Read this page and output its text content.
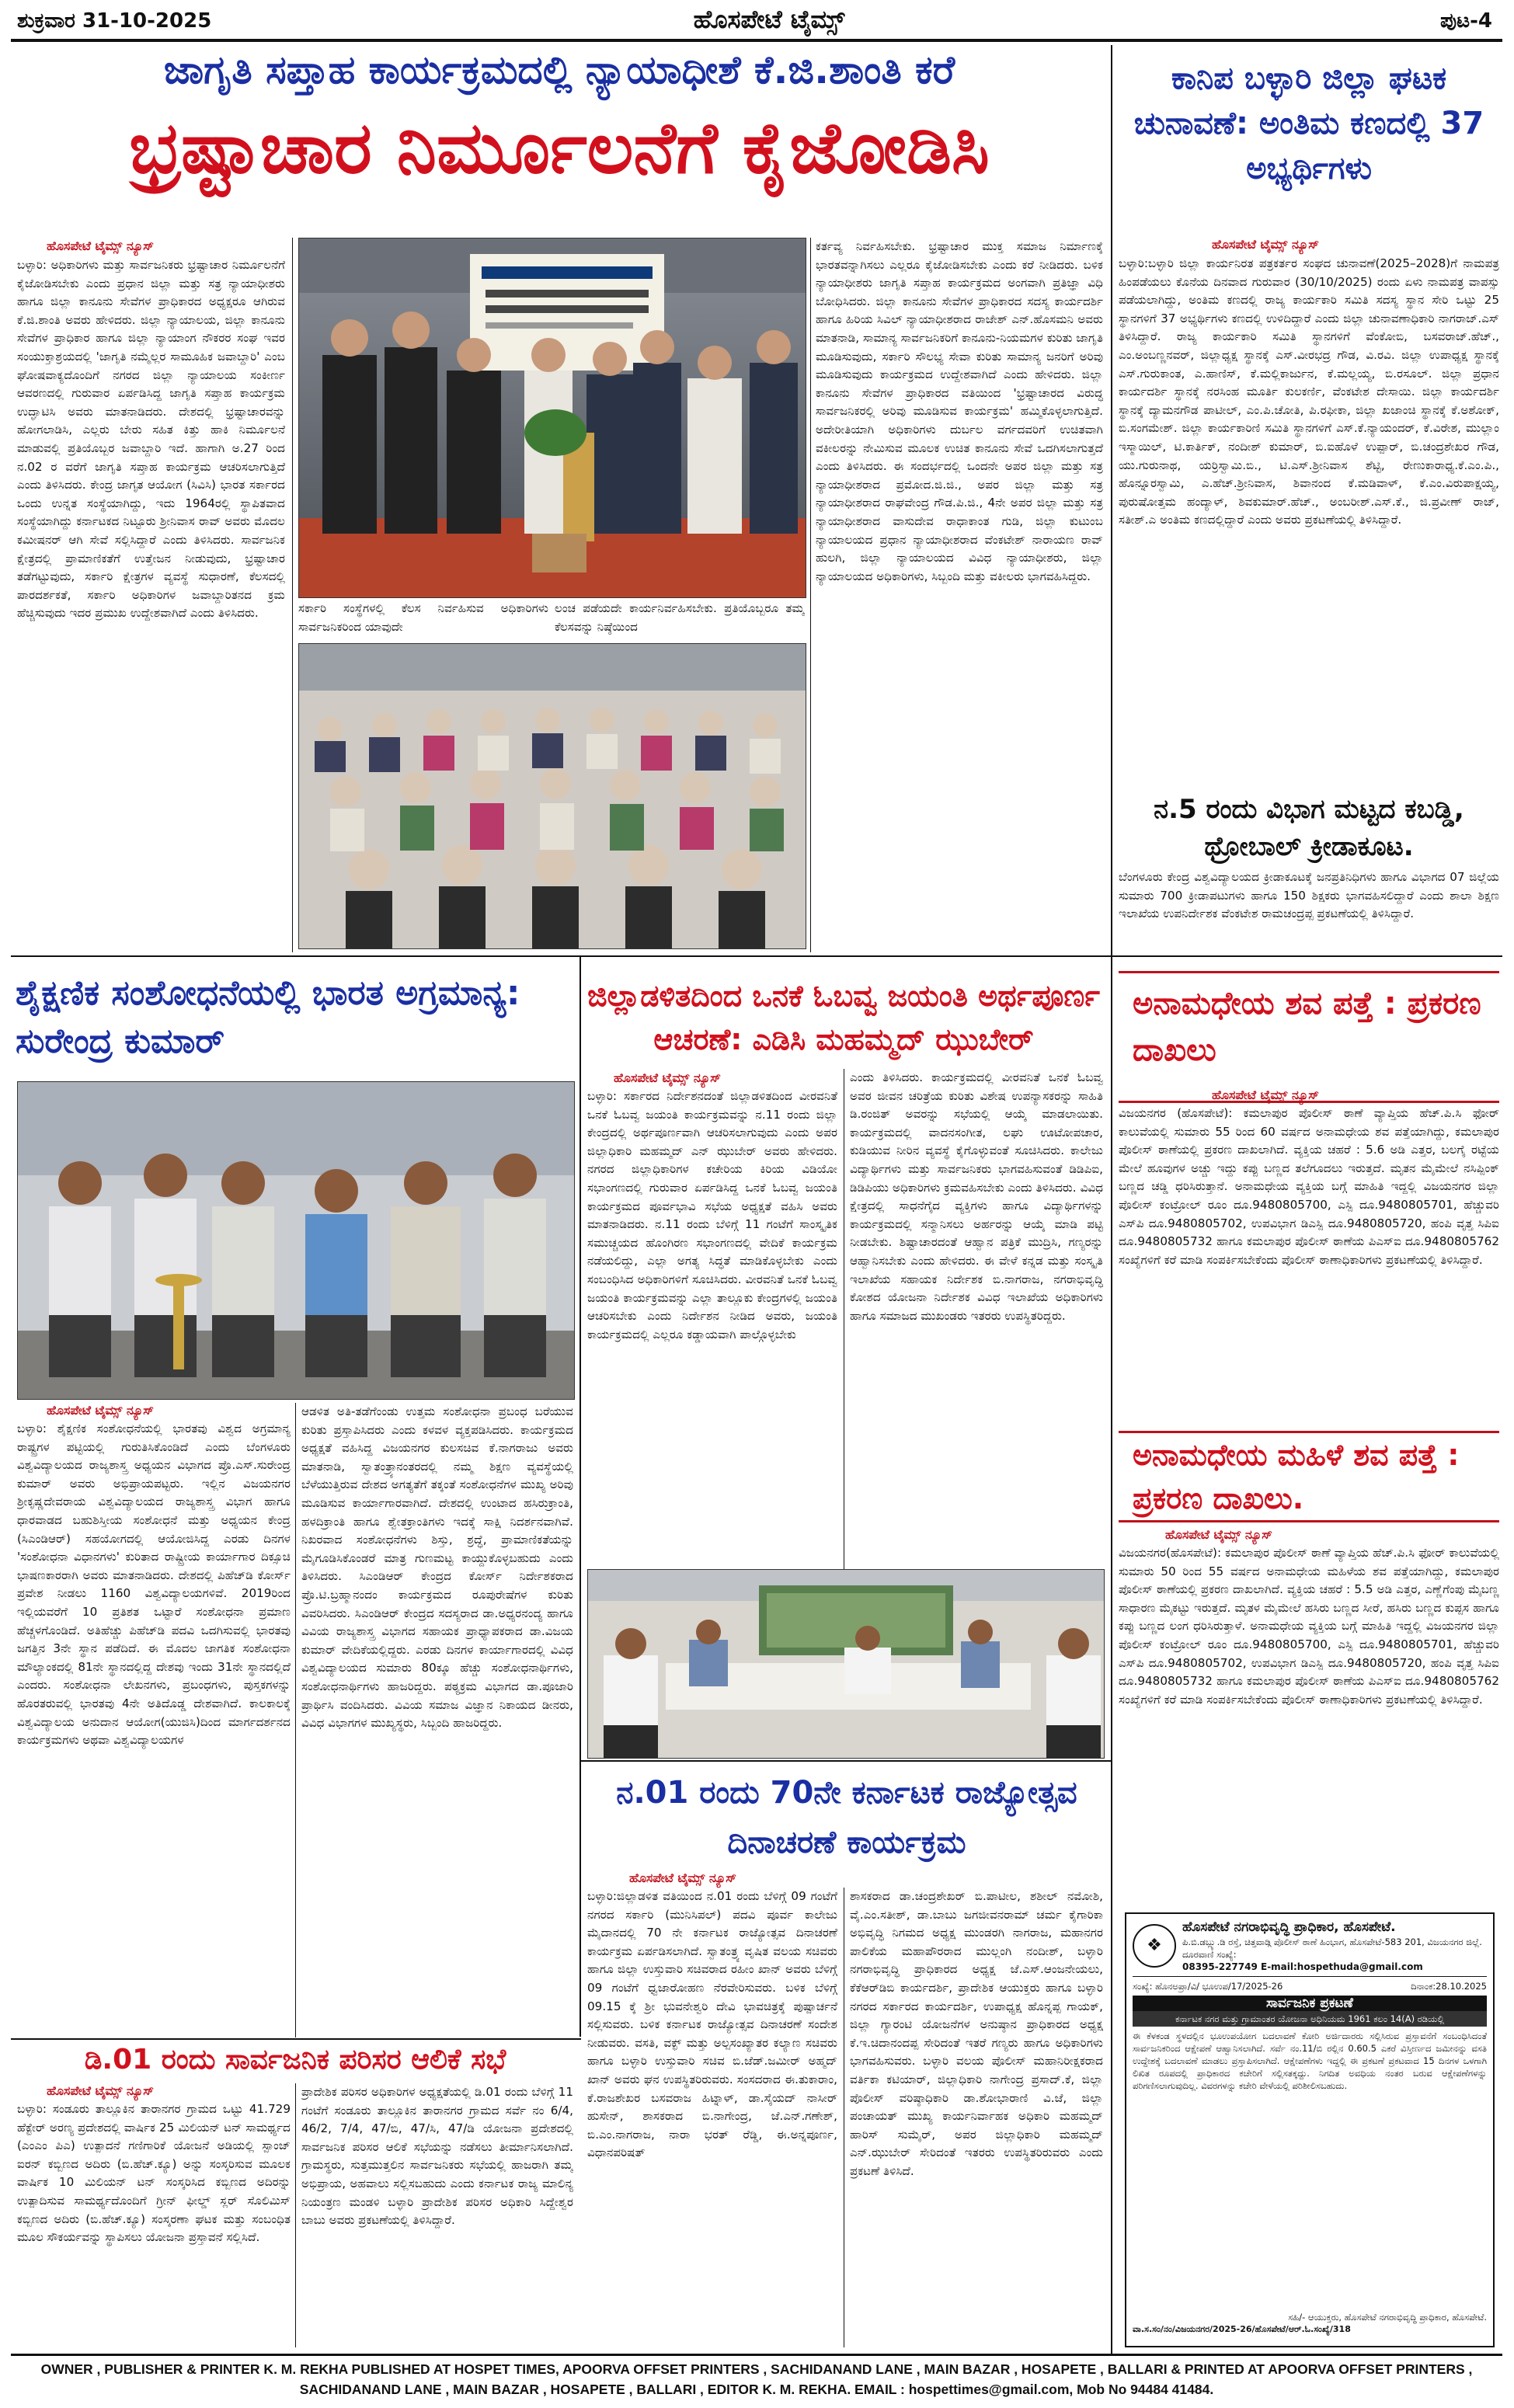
ಶುಕ್ರವಾರ 31-10-2025	ಹೊಸಪೇಟೆ ಟೈಮ್ಸ್	ಪುಟ-4
ಜಾಗೃತಿ ಸಪ್ತಾಹ ಕಾರ್ಯಕ್ರಮದಲ್ಲಿ ನ್ಯಾಯಾಧೀಶೆ ಕೆ.ಜಿ.ಶಾಂತಿ ಕರೆ
ಭ್ರಷ್ಟಾಚಾರ ನಿರ್ಮೂಲನೆಗೆ ಕೈಜೋಡಿಸಿ
ಹೊಸಪೇಟೆ ಟೈಮ್ಸ್ ನ್ಯೂಸ್

ಬಳ್ಳಾರಿ: ಅಧಿಕಾರಿಗಳು ಮತ್ತು ಸಾರ್ವಜನಿಕರು ಭ್ರಷ್ಟಾಚಾರ ನಿರ್ಮೂಲನೆಗೆ ಕೈಜೋಡಿಸಬೇಕು ಎಂದು ಪ್ರಧಾನ ಜಿಲ್ಲಾ ಮತ್ತು ಸತ್ರ ನ್ಯಾಯಾಧೀಶರು ಹಾಗೂ ಜಿಲ್ಲಾ ಕಾನೂನು ಸೇವೆಗಳ ಪ್ರಾಧಿಕಾರದ ಅಧ್ಯಕ್ಷರೂ ಆಗಿರುವ ಕೆ.ಜಿ.ಶಾಂತಿ ಅವರು ಹೇಳಿದರು. ಜಿಲ್ಲಾ ನ್ಯಾಯಾಲಯ, ಜಿಲ್ಲಾ ಕಾನೂನು ಸೇವೆಗಳ ಪ್ರಾಧಿಕಾರ ಹಾಗೂ ಜಿಲ್ಲಾ ನ್ಯಾಯಾಂಗ ನೌಕರರ ಸಂಘ ಇವರ ಸಂಯುಕ್ತಾಶ್ರಯದಲ್ಲಿ 'ಜಾಗೃತಿ ನಮ್ಮೆಲ್ಲರ ಸಾಮೂಹಿಕ ಜವಾಬ್ದಾರಿ' ಎಂಬ ಘೋಷವಾಕ್ಯದೊಂದಿಗೆ ನಗರದ ಜಿಲ್ಲಾ ನ್ಯಾಯಾಲಯ ಸಂಕೀರ್ಣ ಆವರಣದಲ್ಲಿ ಗುರುವಾರ ಏರ್ಪಡಿಸಿದ್ದ ಜಾಗೃತಿ ಸಪ್ತಾಹ ಕಾರ್ಯಕ್ರಮ ಉದ್ಘಾಟಿಸಿ ಅವರು ಮಾತನಾಡಿದರು. ದೇಶದಲ್ಲಿ ಭ್ರಷ್ಟಾಚಾರವನ್ನು ಹೋಗಲಾಡಿಸಿ, ಎಲ್ಲರು ಬೇರು ಸಹಿತ ಕಿತ್ತು ಹಾಕಿ ನಿರ್ಮೂಲನೆ ಮಾಡುವಲ್ಲಿ ಪ್ರತಿಯೊಬ್ಬರ ಜವಾಬ್ದಾರಿ ಇದೆ. ಹಾಗಾಗಿ ಅ.27 ರಿಂದ ನ.02 ರ ವರೆಗೆ ಜಾಗೃತಿ ಸಪ್ತಾಹ ಕಾರ್ಯಕ್ರಮ ಆಚರಿಸಲಾಗುತ್ತಿದೆ ಎಂದು ತಿಳಿಸಿದರು. ಕೇಂದ್ರ ಜಾಗೃತ ಆಯೋಗ (ಸಿವಿಸಿ) ಭಾರತ ಸರ್ಕಾರದ ಒಂದು ಉನ್ನತ ಸಂಸ್ಥೆಯಾಗಿದ್ದು, ಇದು 1964ರಲ್ಲಿ ಸ್ಥಾಪಿತವಾದ ಸಂಸ್ಥೆಯಾಗಿದ್ದು ಕರ್ನಾಟಕದ ನಿಟ್ಟೂರು ಶ್ರೀನಿವಾಸ ರಾವ್ ಅವರು ಮೊದಲ ಕಮೀಷನರ್ ಆಗಿ ಸೇವೆ ಸಲ್ಲಿಸಿದ್ದಾರೆ ಎಂದು ತಿಳಿಸಿದರು. ಸಾರ್ವಜನಿಕ ಕ್ಷೇತ್ರದಲ್ಲಿ ಪ್ರಾಮಾಣಿಕತೆಗೆ ಉತ್ತೇಜನ ನೀಡುವುದು, ಭ್ರಷ್ಟಾಚಾರ ತಡೆಗಟ್ಟುವುದು, ಸರ್ಕಾರಿ ಕ್ಷೇತ್ರಗಳ ವ್ಯವಸ್ಥೆ ಸುಧಾರಣೆ, ಕೆಲಸದಲ್ಲಿ ಪಾರದರ್ಶಕತೆ, ಸರ್ಕಾರಿ ಅಧಿಕಾರಿಗಳ ಜವಾಬ್ದಾರಿತನದ ಕ್ರಮ ಹೆಚ್ಚಿಸುವುದು ಇದರ ಪ್ರಮುಖ ಉದ್ದೇಶವಾಗಿದೆ ಎಂದು ತಿಳಿಸಿದರು.	ಸರ್ಕಾರಿ ಸಂಸ್ಥೆಗಳಲ್ಲಿ ಕೆಲಸ ನಿರ್ವಹಿಸುವ ಅಧಿಕಾರಿಗಳು ಸಾರ್ವಜನಿಕರಿಂದ ಯಾವುದೇ

ಲಂಚ ಪಡೆಯದೇ ಕಾರ್ಯನಿರ್ವಹಿಸಬೇಕು. ಪ್ರತಿಯೊಬ್ಬರೂ ತಮ್ಮ ಕೆಲಸವನ್ನು ನಿಷ್ಠೆಯಿಂದ

ಕರ್ತವ್ಯ ನಿರ್ವಹಿಸಬೇಕು. ಭ್ರಷ್ಟಾಚಾರ ಮುಕ್ತ ಸಮಾಜ ನಿರ್ಮಾಣಕ್ಕೆ ಭಾರತವನ್ನಾಗಿಸಲು ಎಲ್ಲರೂ ಕೈಜೋಡಿಸಬೇಕು ಎಂದು ಕರೆ ನೀಡಿದರು. ಬಳಿಕ ನ್ಯಾಯಾಧೀಶರು ಜಾಗೃತಿ ಸಪ್ತಾಹ ಕಾರ್ಯಕ್ರಮದ ಅಂಗವಾಗಿ ಪ್ರತಿಜ್ಞಾ ವಿಧಿ ಬೋಧಿಸಿದರು. ಜಿಲ್ಲಾ ಕಾನೂನು ಸೇವೆಗಳ ಪ್ರಾಧಿಕಾರದ ಸದಸ್ಯ ಕಾರ್ಯದರ್ಶಿ ಹಾಗೂ ಹಿರಿಯ ಸಿವಿಲ್ ನ್ಯಾಯಾಧೀಶರಾದ ರಾಜೇಶ್ ಎನ್.ಹೊಸಮನಿ ಅವರು ಮಾತನಾಡಿ, ಸಾಮಾನ್ಯ ಸಾರ್ವಜನಿಕರಿಗೆ ಕಾನೂನು-ನಿಯಮಗಳ ಕುರಿತು ಜಾಗೃತಿ ಮೂಡಿಸುವುದು, ಸರ್ಕಾರಿ ಸೌಲಭ್ಯ ಸೇವಾ ಕುರಿತು ಸಾಮಾನ್ಯ ಜನರಿಗೆ ಅರಿವು ಮೂಡಿಸುವುದು ಕಾರ್ಯಕ್ರಮದ ಉದ್ದೇಶವಾಗಿದೆ ಎಂದು ಹೇಳಿದರು. ಜಿಲ್ಲಾ ಕಾನೂನು ಸೇವೆಗಳ ಪ್ರಾಧಿಕಾರದ ವತಿಯಿಂದ 'ಭ್ರಷ್ಟಾಚಾರದ ವಿರುದ್ಧ ಸಾರ್ವಜನಿಕರಲ್ಲಿ ಅರಿವು ಮೂಡಿಸುವ ಕಾರ್ಯಕ್ರಮ' ಹಮ್ಮಿಕೊಳ್ಳಲಾಗುತ್ತಿದೆ. ಅದೇರೀತಿಯಾಗಿ ಅಧಿಕಾರಿಗಳು ದುರ್ಬಲ ವರ್ಗದವರಿಗೆ ಉಚಿತವಾಗಿ ವಕೀಲರನ್ನು ನೇಮಿಸುವ ಮೂಲಕ ಉಚಿತ ಕಾನೂನು ಸೇವೆ ಒದಗಿಸಲಾಗುತ್ತದೆ ಎಂದು ತಿಳಿಸಿದರು. ಈ ಸಂದರ್ಭದಲ್ಲಿ ಒಂದನೇ ಅಪರ ಜಿಲ್ಲಾ ಮತ್ತು ಸತ್ರ ನ್ಯಾಯಾಧೀಶರಾದ ಪ್ರಮೋದ.ಜಿ.ಜಿ., ಅಪರ ಜಿಲ್ಲಾ ಮತ್ತು ಸತ್ರ ನ್ಯಾಯಾಧೀಶರಾದ ರಾಘವೇಂದ್ರ ಗೌಡ.ಪಿ.ಜಿ., 4ನೇ ಅಪರ ಜಿಲ್ಲಾ ಮತ್ತು ಸತ್ರ ನ್ಯಾಯಾಧೀಶರಾದ ವಾಸುದೇವ ರಾಧಾಕಾಂತ ಗುಡಿ, ಜಿಲ್ಲಾ ಕುಟುಂಬ ನ್ಯಾಯಾಲಯದ ಪ್ರಧಾನ ನ್ಯಾಯಾಧೀಶರಾದ ವೆಂಕಟೇಶ್ ನಾರಾಯಣ ರಾವ್ ಹುಲಗಿ, ಜಿಲ್ಲಾ ನ್ಯಾಯಾಲಯದ ವಿವಿಧ ನ್ಯಾಯಾಧೀಶರು, ಜಿಲ್ಲಾ ನ್ಯಾಯಾಲಯದ ಅಧಿಕಾರಿಗಳು, ಸಿಬ್ಬಂದಿ ಮತ್ತು ವಕೀಲರು ಭಾಗವಹಿಸಿದ್ದರು.

ಕಾನಿಪ ಬಳ್ಳಾರಿ ಜಿಲ್ಲಾ ಘಟಕ ಚುನಾವಣೆ: ಅಂತಿಮ ಕಣದಲ್ಲಿ 37 ಅಭ್ಯರ್ಥಿಗಳು
ಹೊಸಪೇಟೆ ಟೈಮ್ಸ್ ನ್ಯೂಸ್

ಬಳ್ಳಾರಿ:ಬಳ್ಳಾರಿ ಜಿಲ್ಲಾ ಕಾರ್ಯನಿರತ ಪತ್ರಕರ್ತರ ಸಂಘದ ಚುನಾವಣೆ(2025–2028)ಗೆ ನಾಮಪತ್ರ ಹಿಂಪಡೆಯಲು ಕೊನೆಯ ದಿನವಾದ ಗುರುವಾರ (30/10/2025) ರಂದು ಏಳು ನಾಮಪತ್ರ ವಾಪಸ್ಸು ಪಡೆಯಲಾಗಿದ್ದು, ಅಂತಿಮ ಕಣದಲ್ಲಿ ರಾಜ್ಯ ಕಾರ್ಯಕಾರಿ ಸಮಿತಿ ಸದಸ್ಯ ಸ್ಥಾನ ಸೇರಿ ಒಟ್ಟು 25 ಸ್ಥಾನಗಳಿಗೆ 37 ಅಭ್ಯರ್ಥಿಗಳು ಕಣದಲ್ಲಿ ಉಳಿದಿದ್ದಾರೆ ಎಂದು ಜಿಲ್ಲಾ ಚುನಾವಣಾಧಿಕಾರಿ ನಾಗರಾಜ್.ಎಸ್ ತಿಳಿಸಿದ್ದಾರೆ. ರಾಜ್ಯ ಕಾರ್ಯಕಾರಿ ಸಮಿತಿ ಸ್ಥಾನಗಳಿಗೆ ವೆಂಕೋಬಿ, ಬಸವರಾಜ್.ಹೆಚ್., ಎಂ.ಅಂಬಣ್ಣನವರ್, ಜಿಲ್ಲಾಧ್ಯಕ್ಷ ಸ್ಥಾನಕ್ಕೆ ಎಸ್.ವೀರಭದ್ರ ಗೌಡ, ವಿ.ರವಿ. ಜಿಲ್ಲಾ ಉಪಾಧ್ಯಕ್ಷ ಸ್ಥಾನಕ್ಕೆ ಎಸ್.ಗುರುಕಾಂತ, ಎ.ಹಾಣಿಸ್, ಕೆ.ಮಲ್ಲಿಕಾರ್ಜುನ, ಕೆ.ಮಲ್ಲಯ್ಯ, ಬಿ.ರಸೂಲ್. ಜಿಲ್ಲಾ ಪ್ರಧಾನ ಕಾರ್ಯದರ್ಶಿ ಸ್ಥಾನಕ್ಕೆ ನರಸಿಂಹ ಮೂರ್ತಿ ಕುಲಕರ್ಣಿ, ವೆಂಕಟೇಶ ದೇಸಾಯಿ. ಜಿಲ್ಲಾ ಕಾರ್ಯದರ್ಶಿ ಸ್ಥಾನಕ್ಕೆ ದ್ಯಾಮನಗೌಡ ಪಾಟೀಲ್, ಎಂ.ಪಿ.ಚೋತಿ, ಪಿ.ರಫೀಕಾ, ಜಿಲ್ಲಾ ಖಜಾಂಚಿ ಸ್ಥಾನಕ್ಕೆ ಕೆ.ಅಶೋಕ್, ಬಿ.ಸಂಗಮೇಶ್. ಜಿಲ್ಲಾ ಕಾರ್ಯಕಾರಿಣಿ ಸಮಿತಿ ಸ್ಥಾನಗಳಿಗೆ ಎಸ್.ಕೆ.ನ್ಯಾಯಂದರ್, ಕೆ.ವಿರೇಶ, ಮುಲ್ಲಾಂ ಇಸ್ಮಾಯಿಲ್, ಟಿ.ಕಾರ್ತಿಕ್, ನಂದೀಶ್ ಕುಮಾರ್, ಬಿ.ಐಹೊಳೆ ಉಪ್ಪಾರ್, ಬಿ.ಚಂದ್ರಶೇಖರ ಗೌಡ, ಯು.ಗುರುನಾಥ, ಯರ್ರಿಸ್ವಾಮಿ.ಬಿ., ಟಿ.ಎಸ್.ಶ್ರೀನಿವಾಸ ಶೆಟ್ಟಿ, ರೇಣುಕಾರಾಧ್ಯ.ಕೆ.ಎಂ.ಪಿ., ಹೊನ್ನೂರಸ್ವಾಮಿ, ಎ.ಹೆಚ್.ಶ್ರೀನಿವಾಸ, ಶಿವಾನಂದ ಕೆ.ಮಡಿವಾಳ್, ಕೆ.ಎಂ.ವಿರುಪಾಕ್ಷಯ್ಯ, ಪುರುಷೋತ್ತಮ ಹಂದ್ಯಾಳ್, ಶಿವಕುಮಾರ್.ಹೆಚ್., ಅಂಬರೀಶ್.ಎಸ್.ಕೆ., ಜಿ.ಪ್ರವೀಣ್ ರಾಜ್, ಸತೀಶ್.ಎ ಅಂತಿಮ ಕಣದಲ್ಲಿದ್ದಾರೆ ಎಂದು ಅವರು ಪ್ರಕಟಣೆಯಲ್ಲಿ ತಿಳಿಸಿದ್ದಾರೆ.

ನ.5 ರಂದು ವಿಭಾಗ ಮಟ್ಟದ ಕಬಡ್ಡಿ, ಥ್ರೋಬಾಲ್ ಕ್ರೀಡಾಕೂಟ.

ಬೆಂಗಳೂರು ಕೇಂದ್ರ ವಿಶ್ವವಿದ್ಯಾಲಯದ ಕ್ರೀಡಾಕೂಟಕ್ಕೆ ಜನಪ್ರತಿನಿಧಿಗಳು ಹಾಗೂ ವಿಭಾಗದ 07 ಜಿಲ್ಲೆಯ ಸುಮಾರು 700 ಕ್ರೀಡಾಪಟುಗಳು ಹಾಗೂ 150 ಶಿಕ್ಷಕರು ಭಾಗವಹಿಸಲಿದ್ದಾರೆ ಎಂದು ಶಾಲಾ ಶಿಕ್ಷಣ ಇಲಾಖೆಯ ಉಪನಿರ್ದೇಶಕ ವೆಂಕಟೇಶ ರಾಮಚಂದ್ರಪ್ಪ ಪ್ರಕಟಣೆಯಲ್ಲಿ ತಿಳಿಸಿದ್ದಾರೆ.

ಶೈಕ್ಷಣಿಕ ಸಂಶೋಧನೆಯಲ್ಲಿ ಭಾರತ ಅಗ್ರಮಾನ್ಯ: ಸುರೇಂದ್ರ ಕುಮಾರ್
ಹೊಸಪೇಟೆ ಟೈಮ್ಸ್ ನ್ಯೂಸ್

ಬಳ್ಳಾರಿ: ಶೈಕ್ಷಣಿಕ ಸಂಶೋಧನೆಯಲ್ಲಿ ಭಾರತವು ವಿಶ್ವದ ಅಗ್ರಮಾನ್ಯ ರಾಷ್ಟ್ರಗಳ ಪಟ್ಟಿಯಲ್ಲಿ ಗುರುತಿಸಿಕೊಂಡಿದೆ ಎಂದು ಬೆಂಗಳೂರು ವಿಶ್ವವಿದ್ಯಾಲಯದ ರಾಜ್ಯಶಾಸ್ತ್ರ ಅಧ್ಯಯನ ವಿಭಾಗದ ಪ್ರೊ.ಎಸ್.ಸುರೇಂದ್ರ ಕುಮಾರ್ ಅವರು ಅಭಿಪ್ರಾಯಪಟ್ಟರು. ಇಲ್ಲಿನ ವಿಜಯನಗರ ಶ್ರೀಕೃಷ್ಣದೇವರಾಯ ವಿಶ್ವವಿದ್ಯಾಲಯದ ರಾಜ್ಯಶಾಸ್ತ್ರ ವಿಭಾಗ ಹಾಗೂ ಧಾರವಾಡದ ಬಹುಶಿಸ್ತೀಯ ಸಂಶೋಧನೆ ಮತ್ತು ಅಧ್ಯಯನ ಕೇಂದ್ರ (ಸಿಎಂಡಿಆರ್) ಸಹಯೋಗದಲ್ಲಿ ಆಯೋಜಿಸಿದ್ದ ಎರಡು ದಿನಗಳ 'ಸಂಶೋಧನಾ ವಿಧಾನಗಳು' ಕುರಿತಾದ ರಾಷ್ಟ್ರೀಯ ಕಾರ್ಯಾಗಾರ ದಿಕ್ಸೂಚಿ ಭಾಷಣಕಾರರಾಗಿ ಅವರು ಮಾತನಾಡಿದರು. ದೇಶದಲ್ಲಿ ಪಿಹೆಚ್‌ಡಿ ಕೋರ್ಸ್ ಪ್ರವೇಶ ನೀಡಲು 1160 ವಿಶ್ವವಿದ್ಯಾಲಯಗಳಿವೆ. 2019ರಿಂದ ಇಲ್ಲಿಯವರೆಗೆ 10 ಪ್ರತಿಶತ ಒಟ್ಟಾರೆ ಸಂಶೋಧನಾ ಪ್ರಮಾಣ ಹೆಚ್ಚಳಗೊಂಡಿದೆ. ಅತಿಹೆಚ್ಚು ಪಿಹೆಚ್‌ಡಿ ಪದವಿ ಒದಗಿಸುವಲ್ಲಿ ಭಾರತವು ಜಗತ್ತಿನ 3ನೇ ಸ್ಥಾನ ಪಡೆದಿದೆ. ಈ ಮೊದಲ ಜಾಗತಿಕ ಸಂಶೋಧನಾ ಮೌಲ್ಯಾಂಕದಲ್ಲಿ 81ನೇ ಸ್ಥಾನದಲ್ಲಿದ್ದ ದೇಶವು ಇಂದು 31ನೇ ಸ್ಥಾನದಲ್ಲಿದೆ ಎಂದರು. ಸಂಶೋಧನಾ ಲೇಖನಗಳು, ಪ್ರಬಂಧಗಳು, ಪುಸ್ತಕಗಳನ್ನು ಹೊರತರುವಲ್ಲಿ ಭಾರತವು 4ನೇ ಅತಿದೊಡ್ಡ ದೇಶವಾಗಿದೆ. ಕಾಲಕಾಲಕ್ಕೆ ವಿಶ್ವವಿದ್ಯಾಲಯ ಅನುದಾನ ಆಯೋಗ(ಯುಜಿಸಿ)ದಿಂದ ಮಾರ್ಗದರ್ಶನದ ಕಾರ್ಯಕ್ರಮಗಳು ಅಥವಾ ವಿಶ್ವವಿದ್ಯಾಲಯಗಳ

ಆಡಳಿತ ಅತಿ-ತಡೆಗೆಂಂಡು ಉತ್ತಮ ಸಂಶೋಧನಾ ಪ್ರಬಂಧ ಬರೆಯುವ ಕುರಿತು ಪ್ರಸ್ತಾಪಿಸಿದರು ಎಂದು ಕಳವಳ ವ್ಯಕ್ತಪಡಿಸಿದರು. ಕಾರ್ಯಕ್ರಮದ ಅಧ್ಯಕ್ಷತೆ ವಹಿಸಿದ್ದ ವಿಜಯನಗರ ಕುಲಸಚಿವ ಕೆ.ನಾಗರಾಜು ಅವರು ಮಾತನಾಡಿ, ಸ್ವಾತಂತ್ರ್ಯಾನಂತರದಲ್ಲಿ ನಮ್ಮ ಶಿಕ್ಷಣ ವ್ಯವಸ್ಥೆಯಲ್ಲಿ ಬೆಳೆಯುತ್ತಿರುವ ದೇಶದ ಅಗತ್ಯತೆಗೆ ತಕ್ಕಂತೆ ಸಂಶೋಧನೆಗಳ ಮುಖ್ಯ ಅರಿವು ಮೂಡಿಸುವ ಕಾರ್ಯಾಗಾರವಾಗಿದೆ. ದೇಶದಲ್ಲಿ ಉಂಟಾದ ಹಸಿರುಕ್ರಾಂತಿ, ಹಳದಿಕ್ರಾಂತಿ ಹಾಗೂ ಶ್ವೇತಕ್ರಾಂತಿಗಳು ಇದಕ್ಕೆ ಸಾಕ್ಷಿ ನಿದರ್ಶನವಾಗಿವೆ. ನಿಖರವಾದ ಸಂಶೋಧನೆಗಳು ಶಿಸ್ತು, ಶ್ರದ್ಧೆ, ಪ್ರಾಮಾಣಿಕತೆಯನ್ನು ಮೈಗೂಡಿಸಿಕೊಂಡರೆ ಮಾತ್ರ ಗುಣಮಟ್ಟ ಕಾಯ್ದುಕೊಳ್ಳಬಹುದು ಎಂದು ತಿಳಿಸಿದರು. ಸಿಎಂಡಿಆರ್ ಕೇಂದ್ರದ ಕೋರ್ಸ್ ನಿರ್ದೇಶಕರಾದ ಪ್ರೊ.ಟಿ.ಬ್ರಹ್ಮಾನಂದಂ ಕಾರ್ಯಕ್ರಮದ ರೂಪುರೇಷೆಗಳ ಕುರಿತು ವಿವರಿಸಿದರು. ಸಿಎಂಡಿಆರ್ ಕೇಂದ್ರದ ಸದಸ್ಯರಾದ ಡಾ.ಅಧ್ಯರನಂದ್ಯ ಹಾಗೂ ವಿವಿಯ ರಾಜ್ಯಶಾಸ್ತ್ರ ವಿಭಾಗದ ಸಹಾಯಕ ಪ್ರಾಧ್ಯಾಪಕರಾದ ಡಾ.ವಿಜಯ ಕುಮಾರ್ ವೇದಿಕೆಯಲ್ಲಿದ್ದರು. ಎರಡು ದಿನಗಳ ಕಾರ್ಯಾಗಾರದಲ್ಲಿ ವಿವಿಧ ವಿಶ್ವವಿದ್ಯಾಲಯದ ಸುಮಾರು 80ಕ್ಕೂ ಹೆಚ್ಚು ಸಂಶೋಧನಾರ್ಥಿಗಳು, ಸಂಶೋಧನಾರ್ಥಿಗಳು ಹಾಜರಿದ್ದರು. ಪಠ್ಯಕ್ರಮ ವಿಭಾಗದ ಡಾ.ಪೂಜಾರಿ ಪ್ರಾರ್ಥಿಸಿ ವಂದಿಸಿದರು. ವಿವಿಯ ಸಮಾಜ ವಿಜ್ಞಾನ ನಿಕಾಯದ ಡೀನರು, ವಿವಿಧ ವಿಭಾಗಗಳ ಮುಖ್ಯಸ್ಥರು, ಸಿಬ್ಬಂದಿ ಹಾಜರಿದ್ದರು.

ಜಿಲ್ಲಾಡಳಿತದಿಂದ ಒನಕೆ ಓಬವ್ವ ಜಯಂತಿ ಅರ್ಥಪೂರ್ಣ ಆಚರಣೆ: ಎಡಿಸಿ ಮಹಮ್ಮದ್ ಝುಬೇರ್
ಹೊಸಪೇಟೆ ಟೈಮ್ಸ್ ನ್ಯೂಸ್

ಬಳ್ಳಾರಿ: ಸರ್ಕಾರದ ನಿರ್ದೇಶನದಂತೆ ಜಿಲ್ಲಾಡಳಿತದಿಂದ ವೀರವನಿತೆ ಒನಕೆ ಓಬವ್ವ ಜಯಂತಿ ಕಾರ್ಯಕ್ರಮವನ್ನು ನ.11 ರಂದು ಜಿಲ್ಲಾ ಕೇಂದ್ರದಲ್ಲಿ ಅರ್ಥಪೂರ್ಣವಾಗಿ ಆಚರಿಸಲಾಗುವುದು ಎಂದು ಅಪರ ಜಿಲ್ಲಾಧಿಕಾರಿ ಮಹಮ್ಮದ್ ಎನ್ ಝುಬೇರ್ ಅವರು ಹೇಳಿದರು. ನಗರದ ಜಿಲ್ಲಾಧಿಕಾರಿಗಳ ಕಚೇರಿಯ ಕಿರಿಯ ವಿಡಿಯೋ ಸಭಾಂಗಣದಲ್ಲಿ ಗುರುವಾರ ಏರ್ಪಡಿಸಿದ್ದ ಒನಕೆ ಓಬವ್ವ ಜಯಂತಿ ಕಾರ್ಯಕ್ರಮದ ಪೂರ್ವಭಾವಿ ಸಭೆಯ ಅಧ್ಯಕ್ಷತೆ ವಹಿಸಿ ಅವರು ಮಾತನಾಡಿದರು. ನ.11 ರಂದು ಬೆಳಿಗ್ಗೆ 11 ಗಂಟೆಗೆ ಸಾಂಸ್ಕೃತಿಕ ಸಮುಚ್ಚಯದ ಹೊಂಗಿರಣ ಸಭಾಂಗಣದಲ್ಲಿ ವೇದಿಕೆ ಕಾರ್ಯಕ್ರಮ ನಡೆಯಲಿದ್ದು, ಎಲ್ಲಾ ಅಗತ್ಯ ಸಿದ್ಧತೆ ಮಾಡಿಕೊಳ್ಳಬೇಕು ಎಂದು ಸಂಬಂಧಿಸಿದ ಅಧಿಕಾರಿಗಳಿಗೆ ಸೂಚಿಸಿದರು. ವೀರವನಿತೆ ಒನಕೆ ಓಬವ್ವ ಜಯಂತಿ ಕಾರ್ಯಕ್ರಮವನ್ನು ಎಲ್ಲಾ ತಾಲ್ಲೂಕು ಕೇಂದ್ರಗಳಲ್ಲಿ ಜಯಂತಿ ಆಚರಿಸಬೇಕು ಎಂದು ನಿರ್ದೇಶನ ನೀಡಿದ ಅವರು, ಜಯಂತಿ ಕಾರ್ಯಕ್ರಮದಲ್ಲಿ ಎಲ್ಲರೂ ಕಡ್ಡಾಯವಾಗಿ ಪಾಲ್ಗೊಳ್ಳಬೇಕು

ಎಂದು ತಿಳಿಸಿದರು. ಕಾರ್ಯಕ್ರಮದಲ್ಲಿ ವೀರವನಿತೆ ಒನಕೆ ಓಬವ್ವ ಅವರ ಜೀವನ ಚರಿತ್ರೆಯ ಕುರಿತು ವಿಶೇಷ ಉಪನ್ಯಾಸಕರನ್ನು ಸಾಹಿತಿ ಡಿ.ರಂಜಿತ್ ಅವರನ್ನು ಸಭೆಯಲ್ಲಿ ಆಯ್ಕೆ ಮಾಡಲಾಯಿತು. ಕಾರ್ಯಕ್ರಮದಲ್ಲಿ ವಾದನಸಂಗೀತ, ಲಘು ಊಟೋಪಚಾರ, ಕುಡಿಯುವ ನೀರಿನ ವ್ಯವಸ್ಥೆ ಕೈಗೊಳ್ಳುವಂತೆ ಸೂಚಿಸಿದರು. ಕಾಲೇಜು ವಿದ್ಯಾರ್ಥಿಗಳು ಮತ್ತು ಸಾರ್ವಜನಿಕರು ಭಾಗವಹಿಸುವಂತೆ ಡಿಡಿಪಿಐ, ಡಿಡಿಪಿಯು ಅಧಿಕಾರಿಗಳು ಕ್ರಮವಹಿಸಬೇಕು ಎಂದು ತಿಳಿಸಿದರು. ವಿವಿಧ ಕ್ಷೇತ್ರದಲ್ಲಿ ಸಾಧನೆಗೈದ ವ್ಯಕ್ತಿಗಳು ಹಾಗೂ ವಿದ್ಯಾರ್ಥಿಗಳನ್ನು ಕಾರ್ಯಕ್ರಮದಲ್ಲಿ ಸನ್ಮಾನಿಸಲು ಅರ್ಹರನ್ನು ಆಯ್ಕೆ ಮಾಡಿ ಪಟ್ಟಿ ನೀಡಬೇಕು. ಶಿಷ್ಟಾಚಾರದಂತೆ ಆಹ್ವಾನ ಪತ್ರಿಕೆ ಮುದ್ರಿಸಿ, ಗಣ್ಯರನ್ನು ಆಹ್ವಾನಿಸಬೇಕು ಎಂದು ಹೇಳಿದರು. ಈ ವೇಳೆ ಕನ್ನಡ ಮತ್ತು ಸಂಸ್ಕೃತಿ ಇಲಾಖೆಯ ಸಹಾಯಕ ನಿರ್ದೇಶಕ ಬಿ.ನಾಗರಾಜ, ನಗರಾಭಿವೃದ್ಧಿ ಕೋಶದ ಯೋಜನಾ ನಿರ್ದೇಶಕ ವಿವಿಧ ಇಲಾಖೆಯ ಅಧಿಕಾರಿಗಳು ಹಾಗೂ ಸಮಾಜದ ಮುಖಂಡರು ಇತರರು ಉಪಸ್ಥಿತರಿದ್ದರು.

ನ.01 ರಂದು 70ನೇ ಕರ್ನಾಟಕ ರಾಜ್ಯೋತ್ಸವ ದಿನಾಚರಣೆ ಕಾರ್ಯಕ್ರಮ
ಹೊಸಪೇಟೆ ಟೈಮ್ಸ್ ನ್ಯೂಸ್

ಬಳ್ಳಾರಿ:ಜಿಲ್ಲಾಡಳಿತ ವತಿಯಿಂದ ನ.01 ರಂದು ಬೆಳಿಗ್ಗೆ 09 ಗಂಟೆಗೆ ನಗರದ ಸರ್ಕಾರಿ (ಮುನಿಸಿಪಲ್) ಪದವಿ ಪೂರ್ವ ಕಾಲೇಜು ಮೈದಾನದಲ್ಲಿ 70 ನೇ ಕರ್ನಾಟಕ ರಾಜ್ಯೋತ್ಸವ ದಿನಾಚರಣೆ ಕಾರ್ಯಕ್ರಮ ಏರ್ಪಡಿಸಲಾಗಿದೆ. ಸ್ವಾತಂತ್ರ್ಯ ವೃಷಿತ ವಲಯ ಸಚಿವರು ಹಾಗೂ ಜಿಲ್ಲಾ ಉಸ್ತುವಾರಿ ಸಚಿವರಾದ ರಹೀಂ ಖಾನ್ ಅವರು ಬೆಳಿಗ್ಗೆ 09 ಗಂಟೆಗೆ ಧ್ವಜಾರೋಹಣ ನೆರವೇರಿಸುವರು. ಬಳಿಕ ಬೆಳಿಗ್ಗೆ 09.15 ಕ್ಕೆ ಶ್ರೀ ಭುವನೇಶ್ವರಿ ದೇವಿ ಭಾವಚಿತ್ರಕ್ಕೆ ಪುಷ್ಪಾರ್ಚನೆ ಸಲ್ಲಿಸುವರು. ಬಳಿಕ ಕರ್ನಾಟಕ ರಾಜ್ಯೋತ್ಸವ ದಿನಾಚರಣೆ ಸಂದೇಶ ನೀಡುವರು. ವಸತಿ, ವಕ್ಫ್ ಮತ್ತು ಅಲ್ಪಸಂಖ್ಯಾತರ ಕಲ್ಯಾಣ ಸಚಿವರು ಹಾಗೂ ಬಳ್ಳಾರಿ ಉಸ್ತುವಾರಿ ಸಚಿವ ಬಿ.ಜೆಡ್.ಜಮೀರ್ ಅಹ್ಮದ್ ಖಾನ್ ಅವರು ಘನ ಉಪಸ್ಥಿತರಿರುವರು. ಸಂಸದರಾದ ಈ.ತುಕಾರಾಂ, ಕೆ.ರಾಜಶೇಖರ ಬಸವರಾಜ ಹಿಟ್ನಾಳ್, ಡಾ.ಸೈಯದ್ ನಾಸೀರ್ ಹುಸೇನ್, ಶಾಸಕರಾದ ಬಿ.ನಾಗೇಂದ್ರ, ಜೆ.ಎನ್.ಗಣೇಶ್, ಬಿ.ಎಂ.ನಾಗರಾಜ, ನಾರಾ ಭರತ್ ರೆಡ್ಡಿ, ಈ.ಅನ್ನಪೂರ್ಣ, ವಿಧಾನಪರಿಷತ್

ಶಾಸಕರಾದ ಡಾ.ಚಂದ್ರಶೇಖರ್ ಬಿ.ಪಾಟೀಲ, ಶಶೀಲ್ ನಮೋಶಿ, ವೈ.ಎಂ.ಸತೀಶ್, ಡಾ.ಬಾಬು ಜಗಜೀವನರಾಮ್ ಚರ್ಮ ಕೈಗಾರಿಕಾ ಅಭಿವೃದ್ಧಿ ನಿಗಮದ ಅಧ್ಯಕ್ಷ ಮುಂಡರಗಿ ನಾಗರಾಜ, ಮಹಾನಗರ ಪಾಲಿಕೆಯ ಮಹಾಪೌರರಾದ ಮುಲ್ಲಂಗಿ ನಂದೀಶ್, ಬಳ್ಳಾರಿ ನಗರಾಭಿವೃದ್ಧಿ ಪ್ರಾಧಿಕಾರದ ಅಧ್ಯಕ್ಷ ಜೆ.ಎಸ್.ಆಂಜನೇಯಲು, ಕೆಕೆಆರ್‌ಡಿಬಿ ಕಾರ್ಯದರ್ಶಿ, ಪ್ರಾದೇಶಿಕ ಆಯುಕ್ತರು ಹಾಗೂ ಬಳ್ಳಾರಿ ನಗರದ ಸರ್ಕಾರದ ಕಾರ್ಯದರ್ಶಿ, ಉಪಾಧ್ಯಕ್ಷ ಹೊನ್ನಪ್ಪ ಗಾಯಕ್, ಜಿಲ್ಲಾ ಗ್ಯಾರಂಟಿ ಯೋಜನೆಗಳ ಅನುಷ್ಠಾನ ಪ್ರಾಧಿಕಾರದ ಅಧ್ಯಕ್ಷ ಕೆ.ಇ.ಚಿದಾನಂದಪ್ಪ ಸೇರಿದಂತೆ ಇತರೆ ಗಣ್ಯರು ಹಾಗೂ ಅಧಿಕಾರಿಗಳು ಭಾಗವಹಿಸುವರು. ಬಳ್ಳಾರಿ ವಲಯ ಪೊಲೀಸ್ ಮಹಾನಿರೀಕ್ಷಕರಾದ ವರ್ತಿಕಾ ಕಟಿಯಾರ್, ಜಿಲ್ಲಾಧಿಕಾರಿ ನಾಗೇಂದ್ರ ಪ್ರಸಾದ್.ಕೆ, ಜಿಲ್ಲಾ ಪೊಲೀಸ್ ವರಿಷ್ಠಾಧಿಕಾರಿ ಡಾ.ಶೋಭಾರಾಣಿ ವಿ.ಜೆ, ಜಿಲ್ಲಾ ಪಂಚಾಯತ್ ಮುಖ್ಯ ಕಾರ್ಯನಿರ್ವಾಹಕ ಅಧಿಕಾರಿ ಮಹಮ್ಮದ್ ಹಾರಿಸ್ ಸುಮೈರ್, ಅಪರ ಜಿಲ್ಲಾಧಿಕಾರಿ ಮಹಮ್ಮದ್ ಎನ್.ಝುಬೇರ್ ಸೇರಿದಂತೆ ಇತರರು ಉಪಸ್ಥಿತರಿರುವರು ಎಂದು ಪ್ರಕಟಣೆ ತಿಳಿಸಿದೆ.

ಡಿ.01 ರಂದು ಸಾರ್ವಜನಿಕ ಪರಿಸರ ಆಲಿಕೆ ಸಭೆ
ಹೊಸಪೇಟೆ ಟೈಮ್ಸ್ ನ್ಯೂಸ್

ಬಳ್ಳಾರಿ: ಸಂಡೂರು ತಾಲ್ಲೂಕಿನ ತಾರಾನಗರ ಗ್ರಾಮದ ಒಟ್ಟು 41.729 ಹೆಕ್ಟೇರ್ ಅರಣ್ಯ ಪ್ರದೇಶದಲ್ಲಿ ವಾರ್ಷಿಕ 25 ಮಿಲಿಯನ್ ಟನ್ ಸಾಮರ್ಥ್ಯದ (ಎಂಎಂ ಪಿಎ) ಉತ್ಪಾದನೆ ಗಣಿಗಾರಿಕೆ ಯೋಜನೆ ಅಡಿಯಲ್ಲಿ ಸ್ಪಾಂಜ್ ಐರನ್ ಕಬ್ಬಿಣದ ಅದಿರು (ಬಿ.ಹೆಚ್.ಕ್ಯೂ) ಅನ್ನು ಸಂಸ್ಕರಿಸುವ ಮೂಲಕ ವಾರ್ಷಿಕ 10 ಮಿಲಿಯನ್ ಟನ್ ಸಂಸ್ಕರಿಸಿದ ಕಬ್ಬಿಣದ ಅದಿರನ್ನು ಉತ್ಪಾದಿಸುವ ಸಾಮರ್ಥ್ಯದೊಂದಿಗೆ ಗ್ರೀನ್ ಫೀಲ್ಡ್ ಸ್ಲರ್ ಸೊಲಿಮಿಸ್ ಕಬ್ಬಿಣದ ಅದಿರು (ಬಿ.ಹೆಚ್.ಕ್ಯೂ) ಸಂಸ್ಕರಣಾ ಘಟಕ ಮತ್ತು ಸಂಬಂಧಿತ ಮೂಲ ಸೌಕರ್ಯವನ್ನು ಸ್ಥಾಪಿಸಲು ಯೋಜನಾ ಪ್ರಸ್ತಾವನೆ ಸಲ್ಲಿಸಿದೆ.

ಪ್ರಾದೇಶಿಕ ಪರಿಸರ ಅಧಿಕಾರಿಗಳ ಅಧ್ಯಕ್ಷತೆಯಲ್ಲಿ ಡಿ.01 ರಂದು ಬೆಳಿಗ್ಗೆ 11 ಗಂಟೆಗೆ ಸಂಡೂರು ತಾಲ್ಲೂಕಿನ ತಾರಾನಗರ ಗ್ರಾಮದ ಸರ್ವೆ ನಂ 6/4, 46/2, 7/4, 47/ಬಿ, 47/ಸಿ, 47/ಡಿ ಯೋಜನಾ ಪ್ರದೇಶದಲ್ಲಿ ಸಾರ್ವಜನಿಕ ಪರಿಸರ ಆಲಿಕೆ ಸಭೆಯನ್ನು ನಡೆಸಲು ತೀರ್ಮಾನಿಸಲಾಗಿದೆ. ಗ್ರಾಮಸ್ಥರು, ಸುತ್ತಮುತ್ತಲಿನ ಸಾರ್ವಜನಿಕರು ಸಭೆಯಲ್ಲಿ ಹಾಜರಾಗಿ ತಮ್ಮ ಅಭಿಪ್ರಾಯ, ಅಹವಾಲು ಸಲ್ಲಿಸಬಹುದು ಎಂದು ಕರ್ನಾಟಕ ರಾಜ್ಯ ಮಾಲಿನ್ಯ ನಿಯಂತ್ರಣ ಮಂಡಳಿ ಬಳ್ಳಾರಿ ಪ್ರಾದೇಶಿಕ ಪರಿಸರ ಅಧಿಕಾರಿ ಸಿದ್ದೇಶ್ವರ ಬಾಬು ಅವರು ಪ್ರಕಟಣೆಯಲ್ಲಿ ತಿಳಿಸಿದ್ದಾರೆ.

ಅನಾಮಧೇಯ ಶವ ಪತ್ತೆ : ಪ್ರಕರಣ ದಾಖಲು
ಹೊಸಪೇಟೆ ಟೈಮ್ಸ್ ನ್ಯೂಸ್

ವಿಜಯನಗರ (ಹೊಸಪೇಟೆ): ಕಮಲಾಪುರ ಪೊಲೀಸ್ ಠಾಣೆ ವ್ಯಾಪ್ತಿಯ ಹೆಚ್.ಪಿ.ಸಿ ಫೋರ್ ಕಾಲುವೆಯಲ್ಲಿ ಸುಮಾರು 55 ರಿಂದ 60 ವರ್ಷದ ಅನಾಮಧೇಯ ಶವ ಪತ್ತೆಯಾಗಿದ್ದು, ಕಮಲಾಪುರ ಪೊಲೀಸ್ ಠಾಣೆಯಲ್ಲಿ ಪ್ರಕರಣ ದಾಖಲಾಗಿದೆ. ವ್ಯಕ್ತಿಯ ಚಹರೆ : 5.6 ಅಡಿ ಎತ್ತರ, ಬಲಗೈ ರಟ್ಟೆಯ ಮೇಲೆ ಹೂವುಗಳ ಅಚ್ಚು ಇದ್ದು ಕಪ್ಪು ಬಣ್ಣದ ತಲೆಗೂದಲು ಇರುತ್ತದೆ. ಮೃತನ ಮೈಮೇಲೆ ನಸಿಪ್ಪಿಂಕ್ ಬಣ್ಣದ ಚಡ್ಡಿ ಧರಿಸಿರುತ್ತಾನೆ. ಅನಾಮಧೇಯ ವ್ಯಕ್ತಿಯ ಬಗ್ಗೆ ಮಾಹಿತಿ ಇದ್ದಲ್ಲಿ ವಿಜಯನಗರ ಜಿಲ್ಲಾ ಪೊಲೀಸ್ ಕಂಟ್ರೋಲ್ ರೂಂ ದೂ.9480805700, ಎಸ್ಪಿ ದೂ.9480805701, ಹೆಚ್ಚುವರಿ ಎಸ್‌ಪಿ ದೂ.9480805702, ಉಪವಿಭಾಗ ಡಿಎಸ್ಪಿ ದೂ.9480805720, ಹಂಪಿ ವೃತ್ತ ಸಿಪಿಐ ದೂ.9480805732 ಹಾಗೂ ಕಮಲಾಪುರ ಪೊಲೀಸ್ ಠಾಣೆಯ ಪಿಎಸ್ಐ ದೂ.9480805762 ಸಂಖ್ಯೆಗಳಿಗೆ ಕರೆ ಮಾಡಿ ಸಂಪರ್ಕಿಸಬೇಕೆಂದು ಪೊಲೀಸ್ ಠಾಣಾಧಿಕಾರಿಗಳು ಪ್ರಕಟಣೆಯಲ್ಲಿ ತಿಳಿಸಿದ್ದಾರೆ.

ಅನಾಮಧೇಯ ಮಹಿಳೆ ಶವ ಪತ್ತೆ : ಪ್ರಕರಣ ದಾಖಲು.
ಹೊಸಪೇಟೆ ಟೈಮ್ಸ್ ನ್ಯೂಸ್

ವಿಜಯನಗರ(ಹೊಸಪೇಟೆ): ಕಮಲಾಪುರ ಪೊಲೀಸ್ ಠಾಣೆ ವ್ಯಾಪ್ತಿಯ ಹೆಚ್.ಪಿ.ಸಿ ಫೋರ್ ಕಾಲುವೆಯಲ್ಲಿ ಸುಮಾರು 50 ರಿಂದ 55 ವರ್ಷದ ಅನಾಮಧೇಯ ಮಹಿಳೆಯ ಶವ ಪತ್ತೆಯಾಗಿದ್ದು, ಕಮಲಾಪುರ ಪೊಲೀಸ್ ಠಾಣೆಯಲ್ಲಿ ಪ್ರಕರಣ ದಾಖಲಾಗಿದೆ. ವ್ಯಕ್ತಿಯ ಚಹರೆ : 5.5 ಅಡಿ ಎತ್ತರ, ಎಣ್ಣೆಗೆಂಪು ಮೈಬಣ್ಣ ಸಾಧಾರಣ ಮೈಕಟ್ಟು ಇರುತ್ತದೆ. ಮೃತಳ ಮೈಮೇಲೆ ಹಸಿರು ಬಣ್ಣದ ಸೀರೆ, ಹಸಿರು ಬಣ್ಣದ ಕುಪ್ಪಸ ಹಾಗೂ ಕಪ್ಪು ಬಣ್ಣದ ಲಂಗ ಧರಿಸಿರುತ್ತಾಳೆ. ಅನಾಮಧೇಯ ವ್ಯಕ್ತಿಯ ಬಗ್ಗೆ ಮಾಹಿತಿ ಇದ್ದಲ್ಲಿ ವಿಜಯನಗರ ಜಿಲ್ಲಾ ಪೊಲೀಸ್ ಕಂಟ್ರೋಲ್ ರೂಂ ದೂ.9480805700, ಎಸ್ಪಿ ದೂ.9480805701, ಹೆಚ್ಚುವರಿ ಎಸ್‌ಪಿ ದೂ.9480805702, ಉಪವಿಭಾಗ ಡಿಎಸ್ಪಿ ದೂ.9480805720, ಹಂಪಿ ವೃತ್ತ ಸಿಪಿಐ ದೂ.9480805732 ಹಾಗೂ ಕಮಲಾಪುರ ಪೊಲೀಸ್ ಠಾಣೆಯ ಪಿಎಸ್ಐ ದೂ.9480805762 ಸಂಖ್ಯೆಗಳಿಗೆ ಕರೆ ಮಾಡಿ ಸಂಪರ್ಕಿಸಬೇಕೆಂದು ಪೊಲೀಸ್ ಠಾಣಾಧಿಕಾರಿಗಳು ಪ್ರಕಟಣೆಯಲ್ಲಿ ತಿಳಿಸಿದ್ದಾರೆ.

❖
ಹೊಸಪೇಟೆ ನಗರಾಭಿವೃದ್ಧಿ ಪ್ರಾಧಿಕಾರ, ಹೊಸಪೇಟೆ.
ಪಿ.ಬಿ.ಡಬ್ಲ್ಯು.ಡಿ ರಸ್ತೆ, ಚಿತ್ತವಾಡ್ಗಿ ಪೊಲೀಸ್ ಠಾಣೆ ಹಿಂಭಾಗ, ಹೊಸಪೇಟೆ-583 201, ವಿಜಯನಗರ ಜಿಲ್ಲೆ. ದೂರವಾಣಿ ಸಂಖ್ಯೆ:
08395-227749 E-mail:hospethuda@gmail.com
ಸಂಖ್ಯೆ: ಹೊನಅಪ್ರಾ/ವಿ/ ಭೂಉಪ/17/2025-26	ದಿನಾಂಕ:28.10.2025
ಸಾರ್ವಜನಿಕ ಪ್ರಕಟಣೆ
ಕರ್ನಾಟಕ ನಗರ ಮತ್ತು ಗ್ರಾಮಾಂತರ ಯೋಜನಾ ಅಧಿನಿಯಮ 1961 ಕಲಂ 14(A) ರಡಿಯಲ್ಲಿ
ಈ ಕೆಳಕಂಡ ಸ್ಥಳದಲ್ಲಿನ ಭೂಉಪಯೋಗ ಬದಲಾವಣೆ ಕೋರಿ ಅರ್ಜಿದಾರರು ಸಲ್ಲಿಸಿರುವ ಪ್ರಸ್ತಾವನೆಗೆ ಸಂಬಂಧಿಸಿದಂತೆ ಸಾರ್ವಜನಿಕರಿಂದ ಆಕ್ಷೇಪಣೆ ಆಹ್ವಾನಿಸಲಾಗಿದೆ. ಸರ್ವೆ ನಂ.11/ಬಿ ರಲ್ಲಿನ 0.60.5 ಎಕರೆ ವಿಸ್ತೀರ್ಣದ ಜಮೀನನ್ನು ವಸತಿ ಉದ್ದೇಶಕ್ಕೆ ಬದಲಾವಣೆ ಮಾಡಲು ಪ್ರಸ್ತಾಪಿಸಲಾಗಿದೆ. ಆಕ್ಷೇಪಣೆಗಳು ಇದ್ದಲ್ಲಿ ಈ ಪ್ರಕಟಣೆ ಪ್ರಕಟವಾದ 15 ದಿನಗಳ ಒಳಗಾಗಿ ಲಿಖಿತ ರೂಪದಲ್ಲಿ ಪ್ರಾಧಿಕಾರದ ಕಚೇರಿಗೆ ಸಲ್ಲಿಸತಕ್ಕದ್ದು. ನಿಗದಿತ ಅವಧಿಯ ನಂತರ ಬರುವ ಆಕ್ಷೇಪಣೆಗಳನ್ನು ಪರಿಗಣಿಸಲಾಗುವುದಿಲ್ಲ. ವಿವರಗಳನ್ನು ಕಚೇರಿ ವೇಳೆಯಲ್ಲಿ ಪರಿಶೀಲಿಸಬಹುದು.
ಸಹಿ/- ಆಯುಕ್ತರು, ಹೊಸಪೇಟೆ ನಗರಾಭಿವೃದ್ಧಿ ಪ್ರಾಧಿಕಾರ, ಹೊಸಪೇಟೆ.
ವಾ.ಸ.ಸಂ/ನಂ/ವಿಜಯನಗರ/2025-26/ಹೊಸಪೇಟೆ/ಆರ್.ಓ.ಸಂಖ್ಯೆ/318
OWNER , PUBLISHER & PRINTER K. M. REKHA PUBLISHED AT HOSPET TIMES, APOORVA OFFSET PRINTERS , SACHIDANAND LANE , MAIN BAZAR , HOSAPETE , BALLARI & PRINTED AT APOORVA OFFSET PRINTERS ,
SACHIDANAND LANE , MAIN BAZAR , HOSAPETE , BALLARI , EDITOR K. M. REKHA. EMAIL : hospettimes@gmail.com, Mob No 94484 41484.
